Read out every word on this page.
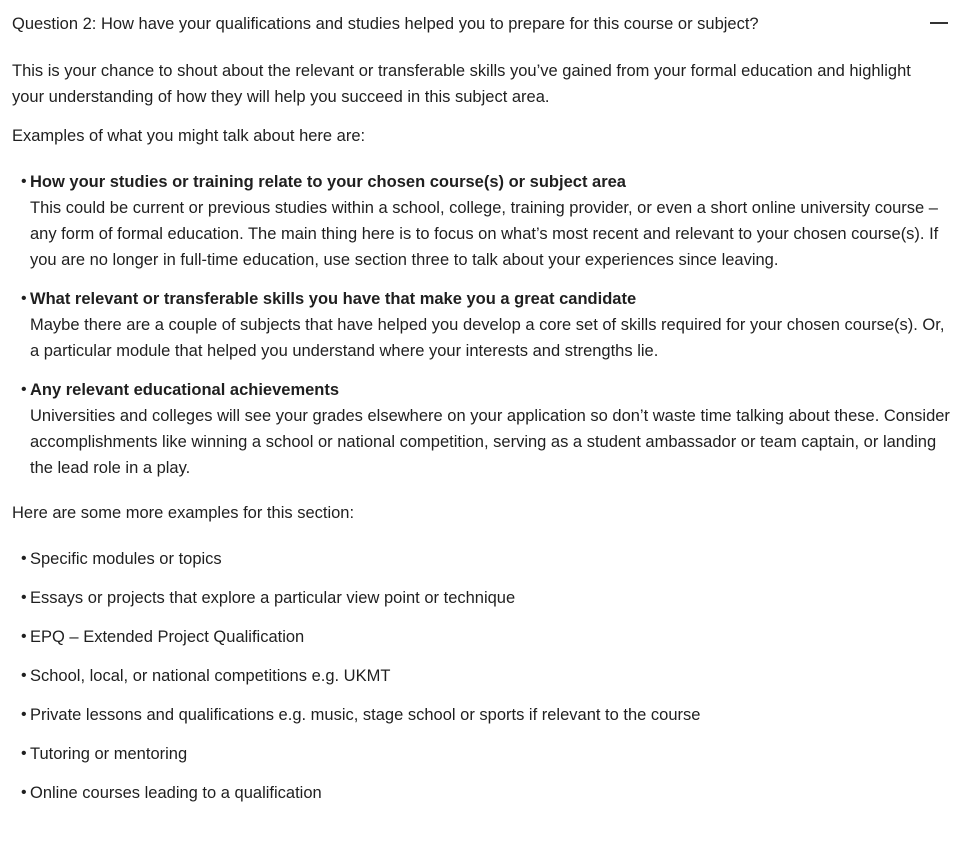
Question 2: How have your qualifications and studies helped you to prepare for this course or subject?

This is your chance to shout about the relevant or transferable skills you’ve gained from your formal education and highlight your understanding of how they will help you succeed in this subject area.

Examples of what you might talk about here are:

• How your studies or training relate to your chosen course(s) or subject area
This could be current or previous studies within a school, college, training provider, or even a short online university course – any form of formal education. The main thing here is to focus on what’s most recent and relevant to your chosen course(s). If you are no longer in full-time education, use section three to talk about your experiences since leaving.
• What relevant or transferable skills you have that make you a great candidate
Maybe there are a couple of subjects that have helped you develop a core set of skills required for your chosen course(s). Or, a particular module that helped you understand where your interests and strengths lie.
• Any relevant educational achievements
Universities and colleges will see your grades elsewhere on your application so don’t waste time talking about these. Consider accomplishments like winning a school or national competition, serving as a student ambassador or team captain, or landing the lead role in a play.

Here are some more examples for this section:

• Specific modules or topics
• Essays or projects that explore a particular view point or technique
• EPQ – Extended Project Qualification
• School, local, or national competitions e.g. UKMT
• Private lessons and qualifications e.g. music, stage school or sports if relevant to the course
• Tutoring or mentoring
• Online courses leading to a qualification
